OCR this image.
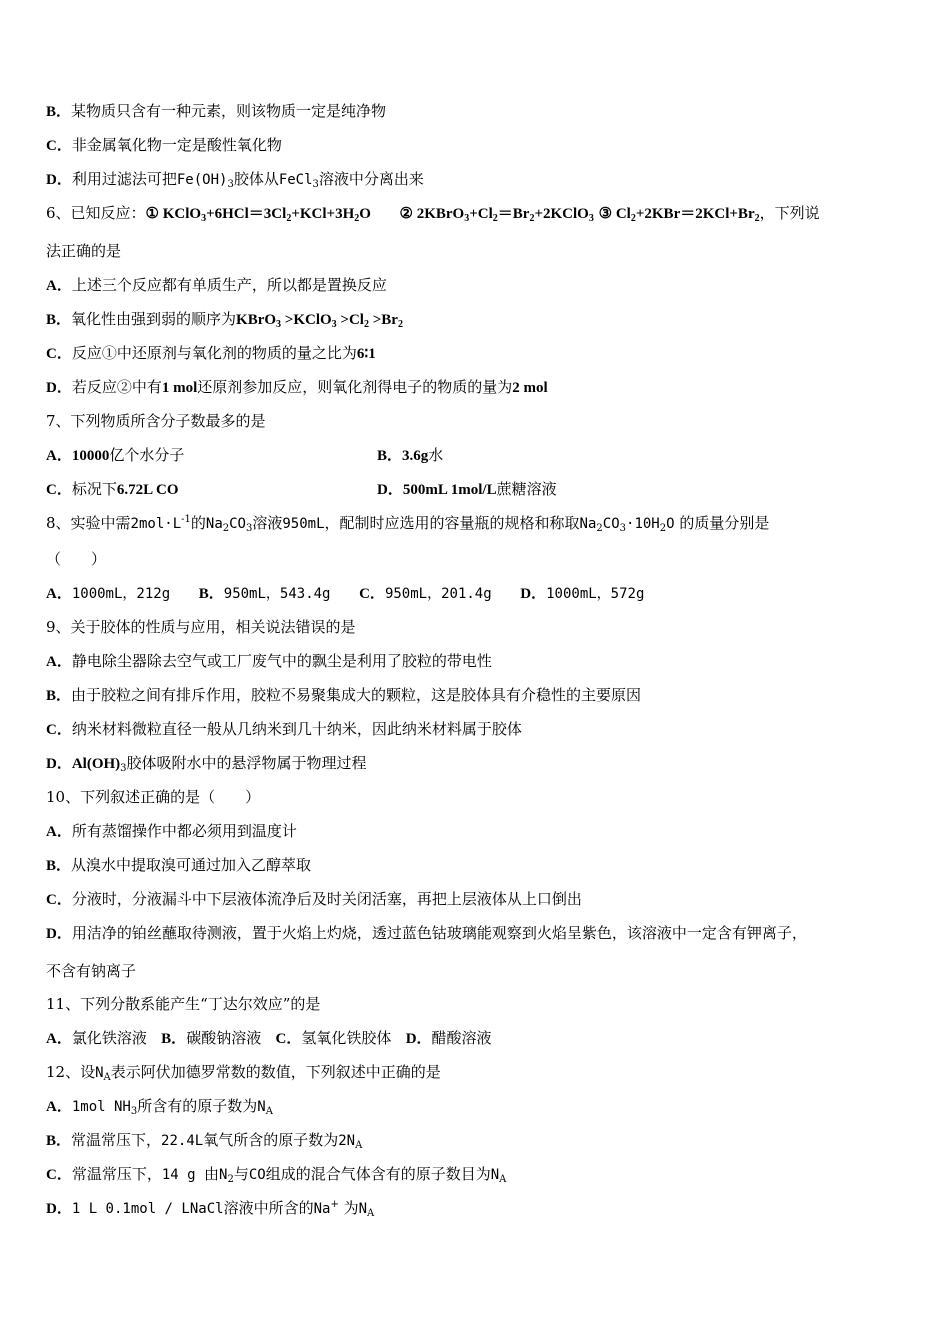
B．某物质只含有一种元素，则该物质一定是纯净物
C．非金属氧化物一定是酸性氧化物
D．利用过滤法可把$Fe(OH)_3$胶体从FeCl$_3$溶液中分离出来
6、已知反应：① $KClO_3+6HCl=3Cl_2+KCl+3H_2O$ ② $2KBrO_3+Cl_2=Br_2+2KClO_3$ ③ $Cl_2+2KBr=2KCl+Br_2$，下列说
法正确的是
A．上述三个反应都有单质生产，所以都是置换反应
B．氧化性由强到弱的顺序为KBrO$_3$ >KClO$_3$ $>Cl_2 >Br_2$
C．反应①中还原剂与氧化剂的物质的量之比为6∶1
D．若反应②中有1 mol还原剂参加反应，则氧化剂得电子的物质的量为2 mol
7、下列物质所含分子数最多的是
A．10000亿个水分子	B．3.6g水
C．标况下6.72L CO	D．500mL 1mol/L蔗糖溶液
8、实验中需$2mol\cdot L^{-1}$的$Na_2CO_3$溶液950mL，配制时应选用的容量瓶的规格和称取$Na_2CO_3\cdot 10H_2O$ 的质量分别是
（　　）
A．1000mL，212g B．950mL，543.4g C．950mL，201.4g D．1000mL，572g
9、关于胶体的性质与应用，相关说法错误的是
A．静电除尘器除去空气或工厂废气中的飘尘是利用了胶粒的带电性
B．由于胶粒之间有排斥作用，胶粒不易聚集成大的颗粒，这是胶体具有介稳性的主要原因
C．纳米材料微粒直径一般从几纳米到几十纳米，因此纳米材料属于胶体
D．$Al(OH)_3$胶体吸附水中的悬浮物属于物理过程
10、下列叙述正确的是（　　）
A．所有蒸馏操作中都必须用到温度计
B．从溴水中提取溴可通过加入乙醇萃取
C．分液时，分液漏斗中下层液体流净后及时关闭活塞，再把上层液体从上口倒出
D．用洁净的铂丝蘸取待测液，置于火焰上灼烧，透过蓝色钴玻璃能观察到火焰呈紫色，该溶液中一定含有钾离子，
不含有钠离子
11、下列分散系能产生“丁达尔效应”的是
A．氯化铁溶液 B．碳酸钠溶液 C．氢氧化铁胶体 D．醋酸溶液
12、设$N_A$表示阿伏加德罗常数的数值，下列叙述中正确的是
A．1mol $NH_3$所含有的原子数为$N_A$
B．常温常压下，22.4L氧气所含的原子数为$2N_A$
C．常温常压下，14 g 由$N_2$与CO组成的混合气体含有的原子数目为$N_A$
D．1 L 0.1mol / LNaCl溶液中所含的Na+ 为$N_A$
